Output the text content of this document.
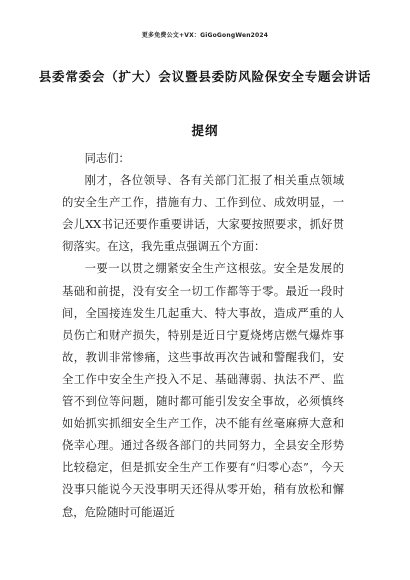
更多免费公文+VX：GiGoGongWen2024
县委常委会（扩大）会议暨县委防风险保安全专题会讲话
提纲

同志们：

刚才，各位领导、各有关部门汇报了相关重点领域的安全生产工作，措施有力、工作到位、成效明显，一会儿XX书记还要作重要讲话，大家要按照要求，抓好贯彻落实。在这，我先重点强调五个方面：

一要一以贯之绷紧安全生产这根弦。安全是发展的基础和前提，没有安全一切工作都等于零。最近一段时间，全国接连发生几起重大、特大事故，造成严重的人员伤亡和财产损失，特别是近日宁夏烧烤店燃气爆炸事故，教训非常惨痛，这些事故再次告诫和警醒我们，安全工作中安全生产投入不足、基础薄弱、执法不严、监管不到位等问题，随时都可能引发安全事故，必须慎终如始抓实抓细安全生产工作，决不能有丝毫麻痹大意和侥幸心理。通过各级各部门的共同努力，全县安全形势比较稳定，但是抓安全生产工作要有“归零心态”，今天没事只能说今天没事明天还得从零开始，稍有放松和懈怠，危险随时可能逼近
